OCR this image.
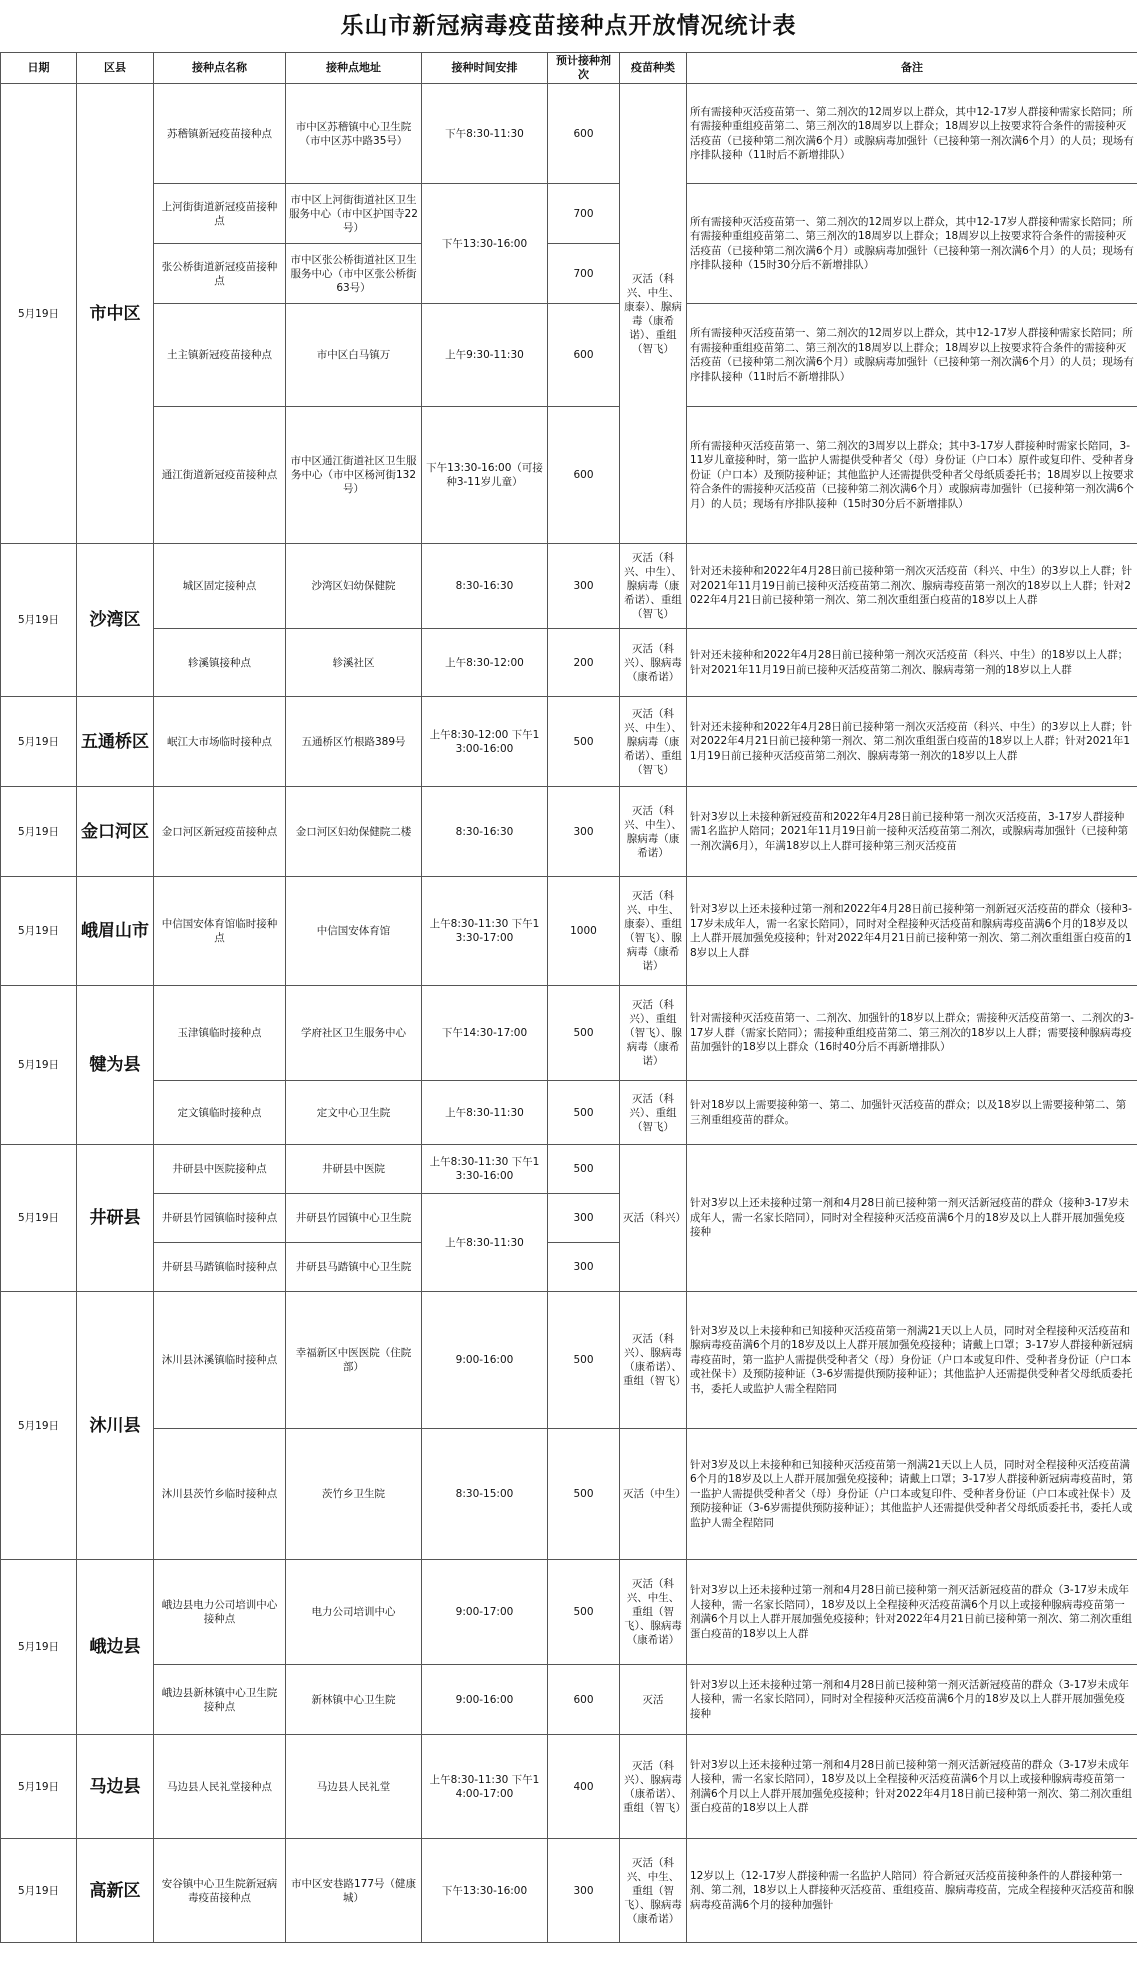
乐山市新冠病毒疫苗接种点开放情况统计表
日期	区县	接种点名称	接种点地址	接种时间安排	预计接种剂次	疫苗种类	备注
5月19日	市中区	苏稽镇新冠疫苗接种点	市中区苏稽镇中心卫生院（市中区苏中路35号）	下午8:30-11:30	600	灭活（科兴、中生、康泰）、腺病毒（康希诺）、重组（智飞）	所有需接种灭活疫苗第一、第二剂次的12周岁以上群众，其中12-17岁人群接种需家长陪同；所有需接种重组疫苗第二、第三剂次的18周岁以上群众；18周岁以上按要求符合条件的需接种灭活疫苗（已接种第二剂次满6个月）或腺病毒加强针（已接种第一剂次满6个月）的人员；现场有序排队接种（11时后不新增排队）
		上河街街道新冠疫苗接种点	市中区上河街街道社区卫生服务中心（市中区护国寺22号）	下午13:30-16:00	700		所有需接种灭活疫苗第一、第二剂次的12周岁以上群众，其中12-17岁人群接种需家长陪同；所有需接种重组疫苗第二、第三剂次的18周岁以上群众；18周岁以上按要求符合条件的需接种灭活疫苗（已接种第二剂次满6个月）或腺病毒加强针（已接种第一剂次满6个月）的人员；现场有序排队接种（15时30分后不新增排队）
		张公桥街道新冠疫苗接种点	市中区张公桥街道社区卫生服务中心（市中区张公桥街63号）		700		
		土主镇新冠疫苗接种点	市中区白马镇万	上午9:30-11:30	600		所有需接种灭活疫苗第一、第二剂次的12周岁以上群众，其中12-17岁人群接种需家长陪同；所有需接种重组疫苗第二、第三剂次的18周岁以上群众；18周岁以上按要求符合条件的需接种灭活疫苗（已接种第二剂次满6个月）或腺病毒加强针（已接种第一剂次满6个月）的人员；现场有序排队接种（11时后不新增排队）
		通江街道新冠疫苗接种点	市中区通江街道社区卫生服务中心（市中区杨河街132号）	下午13:30-16:00（可接种3-11岁儿童）	600		所有需接种灭活疫苗第一、第二剂次的3周岁以上群众；其中3-17岁人群接种时需家长陪同，3-11岁儿童接种时，第一监护人需提供受种者父（母）身份证（户口本）原件或复印件、受种者身份证（户口本）及预防接种证；其他监护人还需提供受种者父母纸质委托书；18周岁以上按要求符合条件的需接种灭活疫苗（已接种第二剂次满6个月）或腺病毒加强针（已接种第一剂次满6个月）的人员；现场有序排队接种（15时30分后不新增排队）
5月19日	沙湾区	城区固定接种点	沙湾区妇幼保健院	8:30-16:30	300	灭活（科兴、中生）、腺病毒（康希诺）、重组（智飞）	针对还未接种和2022年4月28日前已接种第一剂次灭活疫苗（科兴、中生）的3岁以上人群；针对2021年11月19日前已接种灭活疫苗第二剂次、腺病毒疫苗第一剂次的18岁以上人群；针对2022年4月21日前已接种第一剂次、第二剂次重组蛋白疫苗的18岁以上人群
		轸溪镇接种点	轸溪社区	上午8:30-12:00	200	灭活（科兴）、腺病毒（康希诺）	针对还未接种和2022年4月28日前已接种第一剂次灭活疫苗（科兴、中生）的18岁以上人群；针对2021年11月19日前已接种灭活疫苗第二剂次、腺病毒第一剂的18岁以上人群
5月19日	五通桥区	岷江大市场临时接种点	五通桥区竹根路389号	上午8:30-12:00 下午13:00-16:00	500	灭活（科兴、中生）、腺病毒（康希诺）、重组（智飞）	针对还未接种和2022年4月28日前已接种第一剂次灭活疫苗（科兴、中生）的3岁以上人群；针对2022年4月21日前已接种第一剂次、第二剂次重组蛋白疫苗的18岁以上人群；针对2021年11月19日前已接种灭活疫苗第二剂次、腺病毒第一剂次的18岁以上人群
5月19日	金口河区	金口河区新冠疫苗接种点	金口河区妇幼保健院二楼	8:30-16:30	300	灭活（科兴、中生）、腺病毒（康希诺）	针对3岁以上未接种新冠疫苗和2022年4月28日前已接种第一剂次灭活疫苗，3-17岁人群接种需1名监护人陪同；2021年11月19日前一接种灭活疫苗第二剂次，或腺病毒加强针（已接种第一剂次满6月），年满18岁以上人群可接种第三剂灭活疫苗
5月19日	峨眉山市	中信国安体育馆临时接种点	中信国安体育馆	上午8:30-11:30 下午13:30-17:00	1000	灭活（科兴、中生、康泰）、重组（智飞）、腺病毒（康希诺）	针对3岁以上还未接种过第一剂和2022年4月28日前已接种第一剂新冠灭活疫苗的群众（接种3-17岁未成年人，需一名家长陪同），同时对全程接种灭活疫苗和腺病毒疫苗满6个月的18岁及以上人群开展加强免疫接种；针对2022年4月21日前已接种第一剂次、第二剂次重组蛋白疫苗的18岁以上人群
5月19日	犍为县	玉津镇临时接种点	学府社区卫生服务中心	下午14:30-17:00	500	灭活（科兴）、重组（智飞）、腺病毒（康希诺）	针对需接种灭活疫苗第一、二剂次、加强针的18岁以上群众；需接种灭活疫苗第一、二剂次的3-17岁人群（需家长陪同）；需接种重组疫苗第二、第三剂次的18岁以上人群；需要接种腺病毒疫苗加强针的18岁以上群众（16时40分后不再新增排队）
		定文镇临时接种点	定文中心卫生院	上午8:30-11:30	500	灭活（科兴）、重组（智飞）	针对18岁以上需要接种第一、第二、加强针灭活疫苗的群众；以及18岁以上需要接种第二、第三剂重组疫苗的群众。
5月19日	井研县	井研县中医院接种点	井研县中医院	上午8:30-11:30 下午13:30-16:00	500	灭活（科兴）	针对3岁以上还未接种过第一剂和4月28日前已接种第一剂灭活新冠疫苗的群众（接种3-17岁未成年人，需一名家长陪同），同时对全程接种灭活疫苗满6个月的18岁及以上人群开展加强免疫接种
		井研县竹园镇临时接种点	井研县竹园镇中心卫生院	上午8:30-11:30	300		
		井研县马踏镇临时接种点	井研县马踏镇中心卫生院		300		
5月19日	沐川县	沐川县沐溪镇临时接种点	幸福新区中医医院（住院部）	9:00-16:00	500	灭活（科兴）、腺病毒（康希诺）、重组（智飞）	针对3岁及以上未接种和已知接种灭活疫苗第一剂满21天以上人员，同时对全程接种灭活疫苗和腺病毒疫苗满6个月的18岁及以上人群开展加强免疫接种；请戴上口罩；3-17岁人群接种新冠病毒疫苗时，第一监护人需提供受种者父（母）身份证（户口本或复印件、受种者身份证（户口本或社保卡）及预防接种证（3-6岁需提供预防接种证）；其他监护人还需提供受种者父母纸质委托书，委托人或监护人需全程陪同
		沐川县茨竹乡临时接种点	茨竹乡卫生院	8:30-15:00	500	灭活（中生）	针对3岁及以上未接种和已知接种灭活疫苗第一剂满21天以上人员，同时对全程接种灭活疫苗满6个月的18岁及以上人群开展加强免疫接种；请戴上口罩；3-17岁人群接种新冠病毒疫苗时，第一监护人需提供受种者父（母）身份证（户口本或复印件、受种者身份证（户口本或社保卡）及预防接种证（3-6岁需提供预防接种证）；其他监护人还需提供受种者父母纸质委托书，委托人或监护人需全程陪同
5月19日	峨边县	峨边县电力公司培训中心接种点	电力公司培训中心	9:00-17:00	500	灭活（科兴、中生、重组（智飞）、腺病毒（康希诺）	针对3岁以上还未接种过第一剂和4月28日前已接种第一剂灭活新冠疫苗的群众（3-17岁未成年人接种，需一名家长陪同），18岁及以上全程接种灭活疫苗满6个月以上或接种腺病毒疫苗第一剂满6个月以上人群开展加强免疫接种；针对2022年4月21日前已接种第一剂次、第二剂次重组蛋白疫苗的18岁以上人群
		峨边县新林镇中心卫生院接种点	新林镇中心卫生院	9:00-16:00	600	灭活	针对3岁以上还未接种过第一剂和4月28日前已接种第一剂灭活新冠疫苗的群众（3-17岁未成年人接种，需一名家长陪同），同时对全程接种灭活疫苗满6个月的18岁及以上人群开展加强免疫接种
5月19日	马边县	马边县人民礼堂接种点	马边县人民礼堂	上午8:30-11:30 下午14:00-17:00	400	灭活（科兴）、腺病毒（康希诺）、重组（智飞）	针对3岁以上还未接种过第一剂和4月28日前已接种第一剂灭活新冠疫苗的群众（3-17岁未成年人接种，需一名家长陪同），18岁及以上全程接种灭活疫苗满6个月以上或接种腺病毒疫苗第一剂满6个月以上人群开展加强免疫接种；针对2022年4月18日前已接种第一剂次、第二剂次重组蛋白疫苗的18岁以上人群
5月19日	高新区	安谷镇中心卫生院新冠病毒疫苗接种点	市中区安巷路177号（健康城）	下午13:30-16:00	300	灭活（科兴、中生、重组（智飞）、腺病毒（康希诺）	12岁以上（12-17岁人群接种需一名监护人陪同）符合新冠灭活疫苗接种条件的人群接种第一剂、第二剂，18岁以上人群接种灭活疫苗、重组疫苗、腺病毒疫苗，完成全程接种灭活疫苗和腺病毒疫苗满6个月的接种加强针
